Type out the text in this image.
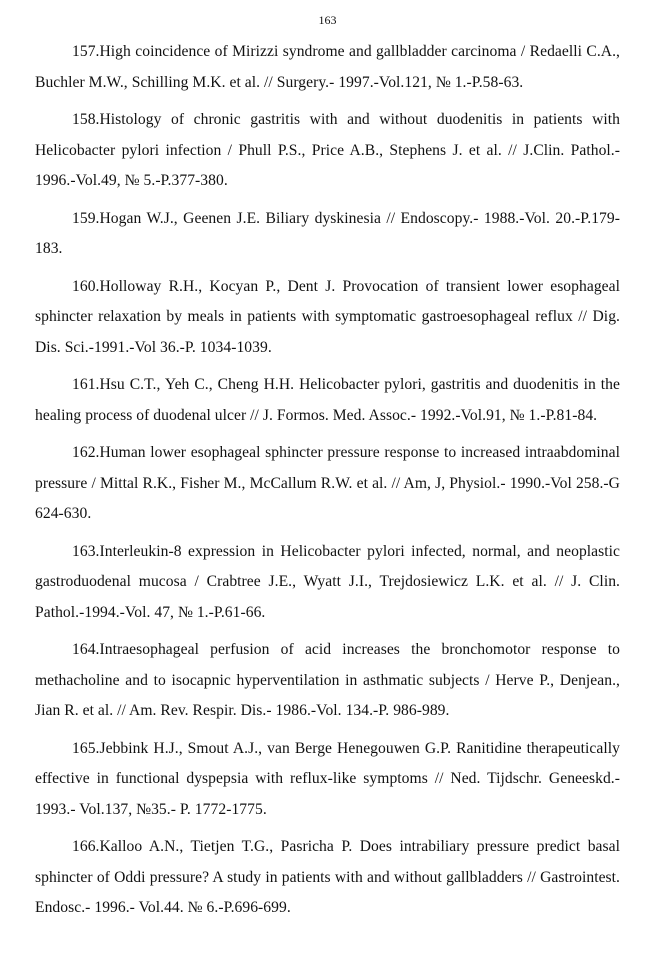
163

157.High coincidence of Mirizzi syndrome and gallbladder carcinoma / Redaelli C.A., Buchler M.W., Schilling M.K. et al. // Surgery.- 1997.-Vol.121, № 1.-P.58-63.

158.Histology of chronic gastritis with and without duodenitis in patients with Helicobacter pylori infection / Phull P.S., Price A.B., Stephens J. et al. // J.Clin. Pathol.- 1996.-Vol.49, № 5.-P.377-380.

159.Hogan W.J., Geenen J.E. Biliary dyskinesia // Endoscopy.- 1988.-Vol. 20.-P.179-183.

160.Holloway R.H., Kocyan P., Dent J. Provocation of transient lower esophageal sphincter relaxation by meals in patients with symptomatic gastroesophageal reflux // Dig. Dis. Sci.-1991.-Vol 36.-P. 1034-1039.

161.Hsu C.T., Yeh C., Cheng H.H. Helicobacter pylori, gastritis and duodenitis in the healing process of duodenal ulcer // J. Formos. Med. Assoc.- 1992.-Vol.91, № 1.-P.81-84.

162.Human lower esophageal sphincter pressure response to increased intraabdominal pressure / Mittal R.K., Fisher M., McCallum R.W. et al. // Am, J, Physiol.- 1990.-Vol 258.-G 624-630.

163.Interleukin-8 expression in Helicobacter pylori infected, normal, and neoplastic gastroduodenal mucosa / Crabtree J.E., Wyatt J.I., Trejdosiewicz L.K. et al. // J. Clin. Pathol.-1994.-Vol. 47, № 1.-P.61-66.

164.Intraesophageal perfusion of acid increases the bronchomotor response to methacholine and to isocapnic hyperventilation in asthmatic subjects / Herve P., Denjean., Jian R. et al. // Am. Rev. Respir. Dis.- 1986.-Vol. 134.-P. 986-989.

165.Jebbink H.J., Smout A.J., van Berge Henegouwen G.P. Ranitidine therapeutically effective in functional dyspepsia with reflux-like symptoms // Ned. Tijdschr. Geneeskd.- 1993.- Vol.137, №35.- P. 1772-1775.

166.Kalloo A.N., Tietjen T.G., Pasricha P. Does intrabiliary pressure predict basal sphincter of Oddi pressure? A study in patients with and without gallbladders // Gastrointest. Endosc.- 1996.- Vol.44. № 6.-P.696-699.
